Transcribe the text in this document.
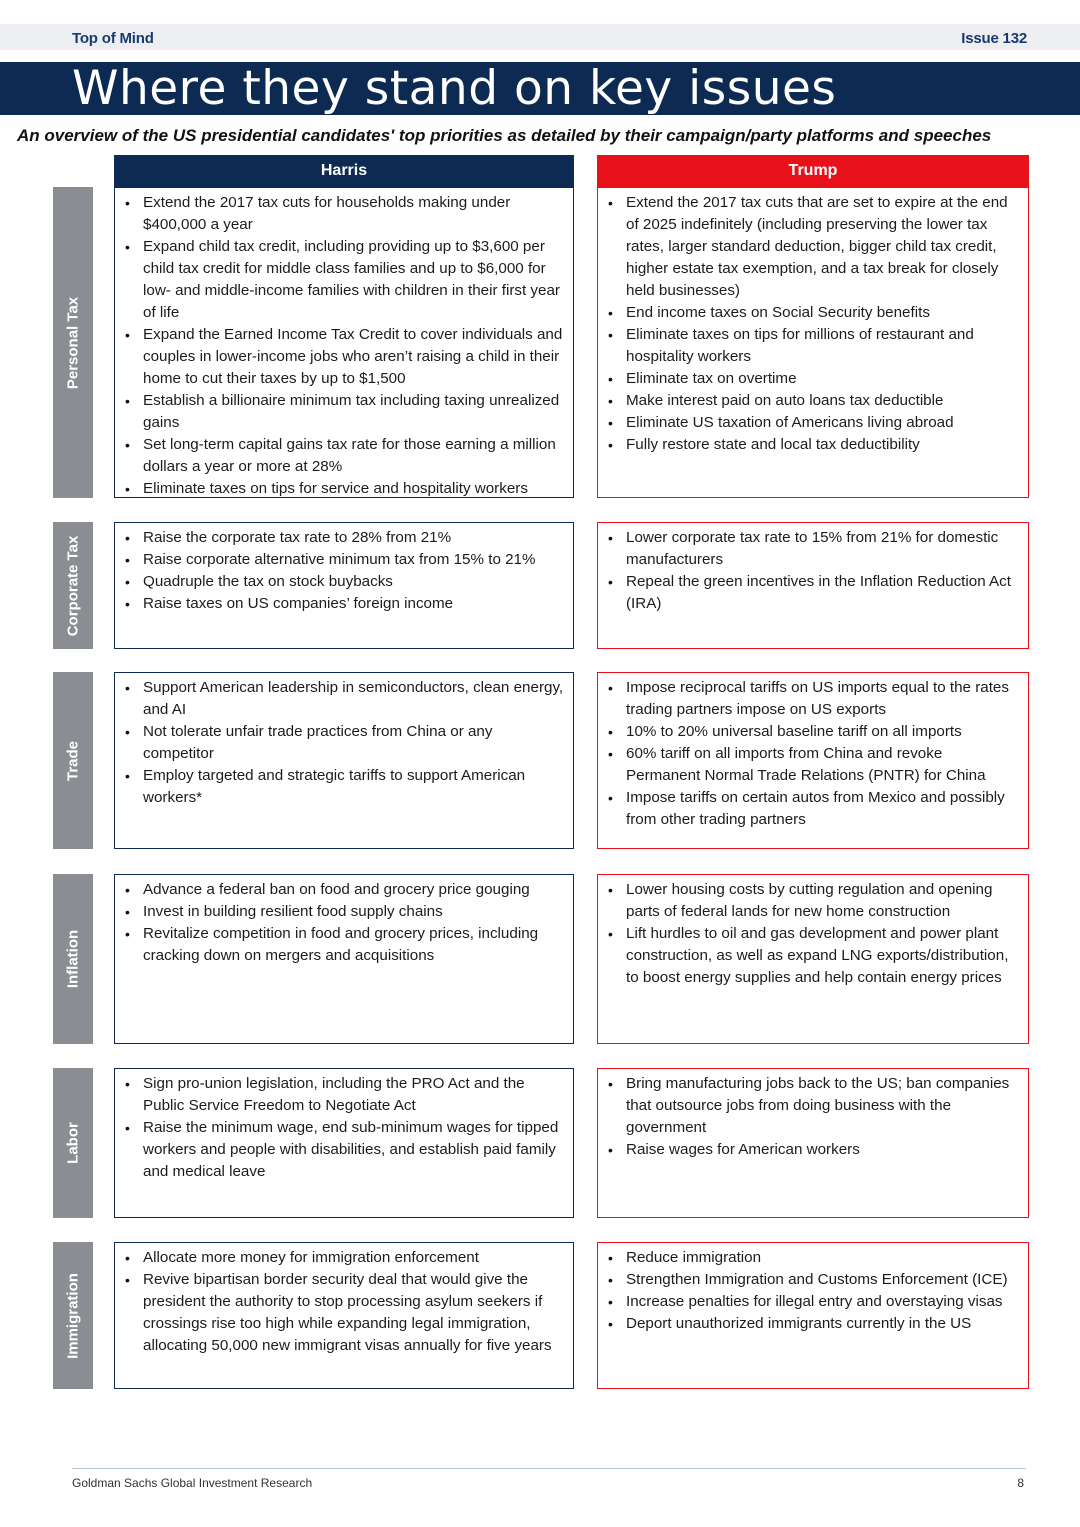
Top of Mind	Issue 132
Where they stand on key issues
An overview of the US presidential candidates' top priorities as detailed by their campaign/party platforms and speeches
Harris	Trump
Personal Tax
• Extend the 2017 tax cuts for households making under $400,000 a year
• Expand child tax credit, including providing up to $3,600 per child tax credit for middle class families and up to $6,000 for low- and middle-income families with children in their first year of life
• Expand the Earned Income Tax Credit to cover individuals and couples in lower-income jobs who aren’t raising a child in their home to cut their taxes by up to $1,500
• Establish a billionaire minimum tax including taxing unrealized gains
• Set long-term capital gains tax rate for those earning a million dollars a year or more at 28%
• Eliminate taxes on tips for service and hospitality workers
• Extend the 2017 tax cuts that are set to expire at the end of 2025 indefinitely (including preserving the lower tax rates, larger standard deduction, bigger child tax credit, higher estate tax exemption, and a tax break for closely held businesses)
• End income taxes on Social Security benefits
• Eliminate taxes on tips for millions of restaurant and hospitality workers
• Eliminate tax on overtime
• Make interest paid on auto loans tax deductible
• Eliminate US taxation of Americans living abroad
• Fully restore state and local tax deductibility
Corporate Tax
•	Raise the corporate tax rate to 28% from 21%
• Raise corporate alternative minimum tax from 15% to 21%
• Quadruple the tax on stock buybacks
• Raise taxes on US companies’ foreign income
• Lower corporate tax rate to 15% from 21% for domestic manufacturers
• Repeal the green incentives in the Inflation Reduction Act (IRA)
Trade
• Support American leadership in semiconductors, clean energy, and AI
• Not tolerate unfair trade practices from China or any competitor
• Employ targeted and strategic tariffs to support American workers*
• Impose reciprocal tariffs on US imports equal to the rates trading partners impose on US exports
• 10% to 20% universal baseline tariff on all imports
• 60% tariff on all imports from China and revoke Permanent Normal Trade Relations (PNTR) for China
• Impose tariffs on certain autos from Mexico and possibly from other trading partners
Inflation
• Advance a federal ban on food and grocery price gouging
• Invest in building resilient food supply chains
• Revitalize competition in food and grocery prices, including cracking down on mergers and acquisitions
• Lower housing costs by cutting regulation and opening parts of federal lands for new home construction
• Lift hurdles to oil and gas development and power plant construction, as well as expand LNG exports/distribution, to boost energy supplies and help contain energy prices
Labor
• Sign pro-union legislation, including the PRO Act and the Public Service Freedom to Negotiate Act
• Raise the minimum wage, end sub-minimum wages for tipped workers and people with disabilities, and establish paid family and medical leave
• Bring manufacturing jobs back to the US; ban companies that outsource jobs from doing business with the government
• Raise wages for American workers
Immigration
• Allocate more money for immigration enforcement
• Revive bipartisan border security deal that would give the president the authority to stop processing asylum seekers if crossings rise too high while expanding legal immigration, allocating 50,000 new immigrant visas annually for five years
• Reduce immigration
• Strengthen Immigration and Customs Enforcement (ICE)
• Increase penalties for illegal entry and overstaying visas
• Deport unauthorized immigrants currently in the US
Goldman Sachs Global Investment Research	8
